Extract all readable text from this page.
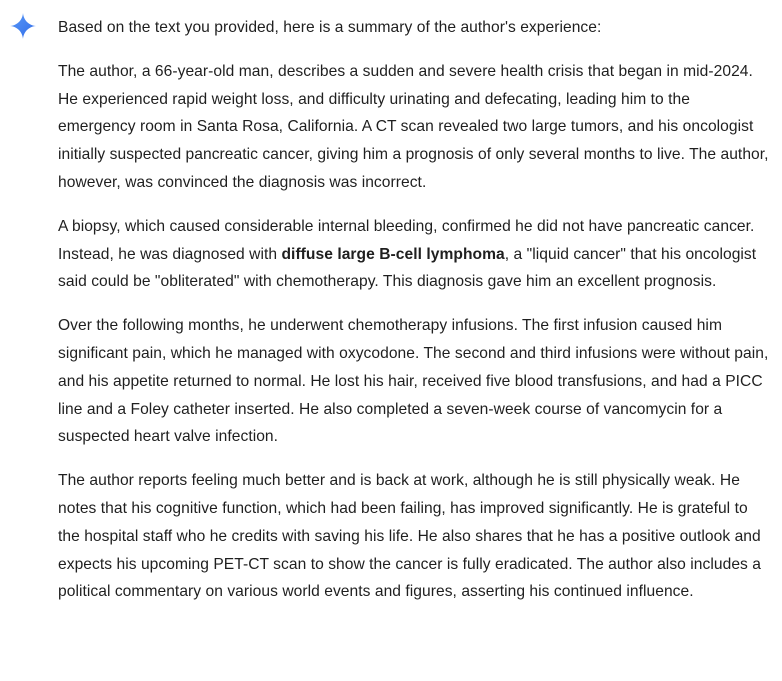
Based on the text you provided, here is a summary of the author's experience:

The author, a 66-year-old man, describes a sudden and severe health crisis that began in mid-2024. He experienced rapid weight loss, and difficulty urinating and defecating, leading him to the emergency room in Santa Rosa, California. A CT scan revealed two large tumors, and his oncologist initially suspected pancreatic cancer, giving him a prognosis of only several months to live. The author, however, was convinced the diagnosis was incorrect.

A biopsy, which caused considerable internal bleeding, confirmed he did not have pancreatic cancer. Instead, he was diagnosed with diffuse large B-cell lymphoma, a "liquid cancer" that his oncologist said could be "obliterated" with chemotherapy. This diagnosis gave him an excellent prognosis.

Over the following months, he underwent chemotherapy infusions. The first infusion caused him significant pain, which he managed with oxycodone. The second and third infusions were without pain, and his appetite returned to normal. He lost his hair, received five blood transfusions, and had a PICC line and a Foley catheter inserted. He also completed a seven-week course of vancomycin for a suspected heart valve infection.

The author reports feeling much better and is back at work, although he is still physically weak. He notes that his cognitive function, which had been failing, has improved significantly. He is grateful to the hospital staff who he credits with saving his life. He also shares that he has a positive outlook and expects his upcoming PET-CT scan to show the cancer is fully eradicated. The author also includes a political commentary on various world events and figures, asserting his continued influence.
